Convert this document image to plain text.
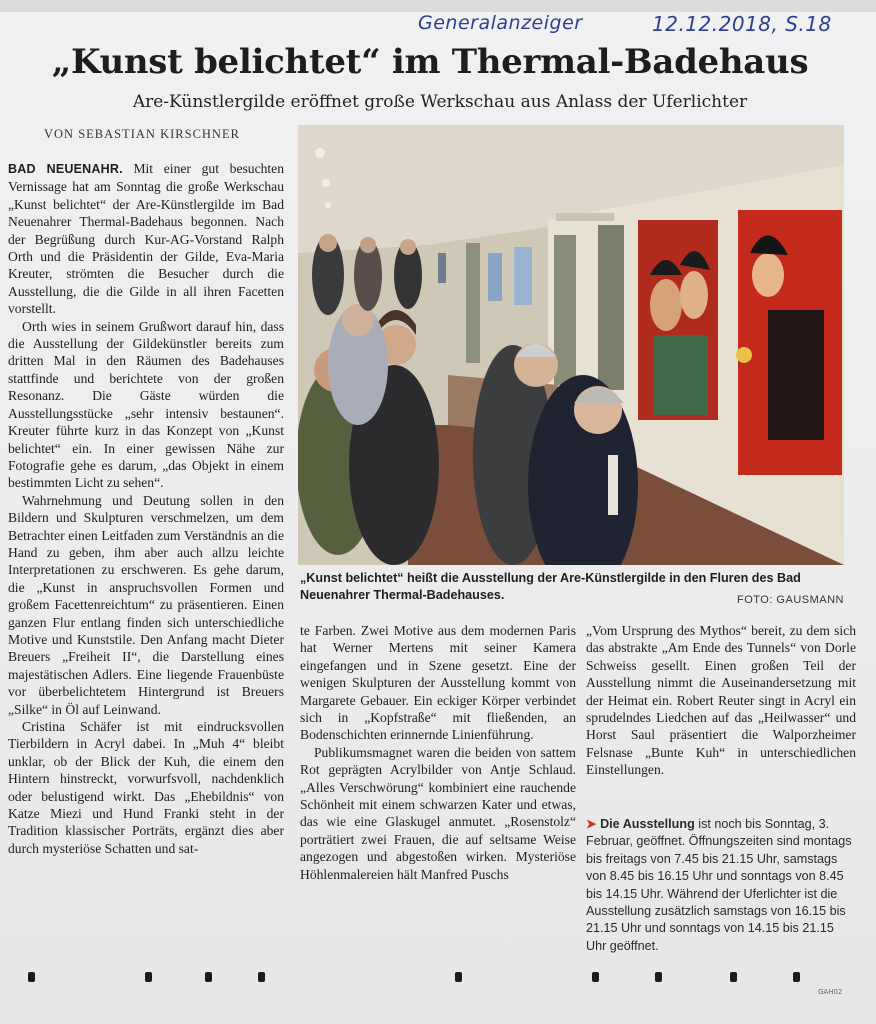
Generalanzeiger	12.12.2018, S.18
„Kunst belichtet“ im Thermal-Badehaus
Are-Künstlergilde eröffnet große Werkschau aus Anlass der Uferlichter
VON SEBASTIAN KIRSCHNER

BAD NEUENAHR. Mit einer gut besuchten Vernissage hat am Sonntag die große Werkschau „Kunst belichtet“ der Are-Künstlergilde im Bad Neuenahrer Thermal-Badehaus begonnen. Nach der Begrüßung durch Kur-AG-Vorstand Ralph Orth und die Präsidentin der Gilde, Eva-Maria Kreuter, strömten die Besucher durch die Ausstellung, die die Gilde in all ihren Facetten vorstellt.

Orth wies in seinem Grußwort darauf hin, dass die Ausstellung der Gildekünstler bereits zum dritten Mal in den Räumen des Badehauses stattfinde und berichtete von der großen Resonanz. Die Gäste würden die Ausstellungsstücke „sehr intensiv bestaunen“. Kreuter führte kurz in das Konzept von „Kunst belichtet“ ein. In einer gewissen Nähe zur Fotografie gehe es darum, „das Objekt in einem bestimmten Licht zu sehen“.

Wahrnehmung und Deutung sollen in den Bildern und Skulpturen verschmelzen, um dem Betrachter einen Leitfaden zum Verständnis an die Hand zu geben, ihm aber auch allzu leichte Interpretationen zu erschweren. Es gehe darum, die „Kunst in anspruchsvollen Formen und großem Facettenreichtum“ zu präsentieren. Einen ganzen Flur entlang finden sich unterschiedliche Motive und Kunststile. Den Anfang macht Dieter Breuers „Freiheit II“, die Darstellung eines majestätischen Adlers. Eine liegende Frauenbüste vor überbelichtetem Hintergrund ist Breuers „Silke“ in Öl auf Leinwand.

Cristina Schäfer ist mit eindrucksvollen Tierbildern in Acryl dabei. In „Muh 4“ bleibt unklar, ob der Blick der Kuh, die einem den Hintern hinstreckt, vorwurfsvoll, nachdenklich oder belustigend wirkt. Das „Ehebildnis“ von Katze Miezi und Hund Franki steht in der Tradition klassischer Porträts, ergänzt dies aber durch mysteriöse Schatten und sat-

„Kunst belichtet“ heißt die Ausstellung der Are-Künstlergilde in den Fluren des Bad Neuenahrer Thermal-Badehauses.	FOTO: GAUSMANN

te Farben. Zwei Motive aus dem modernen Paris hat Werner Mertens mit seiner Kamera eingefangen und in Szene gesetzt. Eine der wenigen Skulpturen der Ausstellung kommt von Margarete Gebauer. Ein eckiger Körper verbindet sich in „Kopfstraße“ mit fließenden, an Bodenschichten erinnernde Linienführung.

Publikumsmagnet waren die beiden von sattem Rot geprägten Acrylbilder von Antje Schlaud. „Alles Verschwörung“ kombiniert eine rauchende Schönheit mit einem schwarzen Kater und etwas, das wie eine Glaskugel anmutet. „Rosenstolz“ porträtiert zwei Frauen, die auf seltsame Weise angezogen und abgestoßen wirken. Mysteriöse Höhlenmalereien hält Manfred Puschs

„Vom Ursprung des Mythos“ bereit, zu dem sich das abstrakte „Am Ende des Tunnels“ von Dorle Schweiss gesellt. Einen großen Teil der Ausstellung nimmt die Auseinandersetzung mit der Heimat ein. Robert Reuter singt in Acryl ein sprudelndes Liedchen auf das „Heilwasser“ und Horst Saul präsentiert die Walporzheimer Felsnase „Bunte Kuh“ in unterschiedlichen Einstellungen.

➤ Die Ausstellung ist noch bis Sonntag, 3. Februar, geöffnet. Öffnungszeiten sind montags bis freitags von 7.45 bis 21.15 Uhr, samstags von 8.45 bis 16.15 Uhr und sonntags von 8.45 bis 14.15 Uhr. Während der Uferlichter ist die Ausstellung zusätzlich samstags von 16.15 bis 21.15 Uhr und sonntags von 14.15 bis 21.15 Uhr geöffnet.
GAH02
